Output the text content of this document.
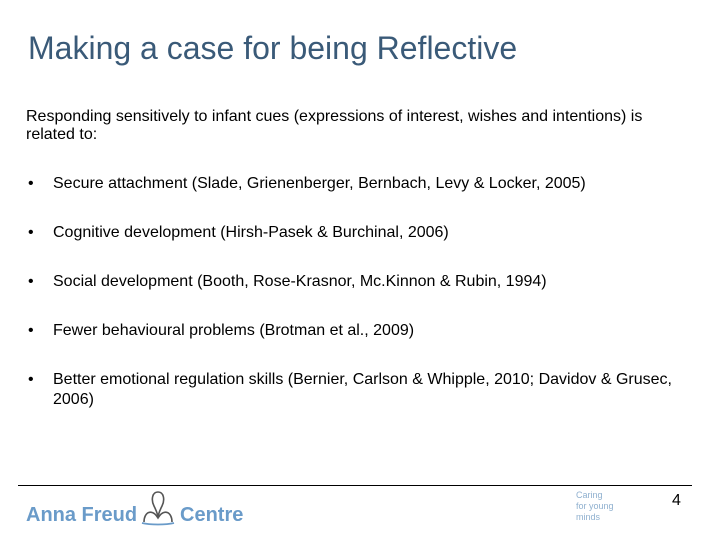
Making a case for being Reflective

Responding sensitively to infant cues (expressions of interest, wishes and intentions) is related to:

• Secure attachment (Slade, Grienenberger, Bernbach, Levy & Locker, 2005)
• Cognitive development (Hirsh-Pasek & Burchinal, 2006)
• Social development (Booth, Rose-Krasnor, Mc.Kinnon & Rubin, 1994)
• Fewer behavioural problems (Brotman et al., 2009)
• Better emotional regulation skills (Bernier, Carlson & Whipple, 2010; Davidov & Grusec, 2006)
Anna Freud Centre
Caring
for young
minds
4
